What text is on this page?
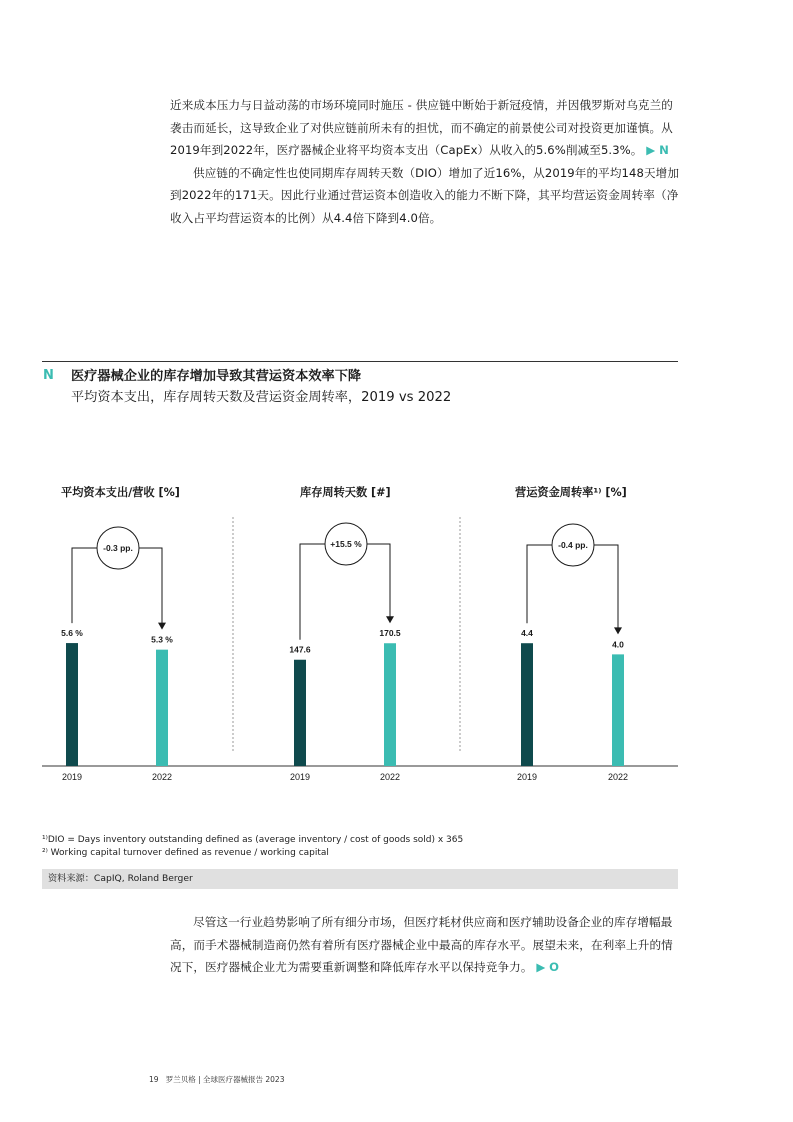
近来成本压力与日益动荡的市场环境同时施压 - 供应链中断始于新冠疫情，并因俄罗斯对乌克兰的袭击而延长，这导致企业了对供应链前所未有的担忧，而不确定的前景使公司对投资更加谨慎。从2019年到2022年，医疗器械企业将平均资本支出（CapEx）从收入的5.6%削减至5.3%。 ▶ N

供应链的不确定性也使同期库存周转天数（DIO）增加了近16%，从2019年的平均148天增加到2022年的171天。因此行业通过营运资本创造收入的能力不断下降，其平均营运资金周转率（净收入占平均营运资本的比例）从4.4倍下降到4.0倍。

N 医疗器械企业的库存增加导致其营运资本效率下降
平均资本支出，库存周转天数及营运资金周转率，2019 vs 2022
平均资本支出/营收 [%]	库存周转天数 [#]	营运资金周转率¹⁾ [%]
5.6 %
2019
5.3 %
2022
-0.3 pp.
147.6
2019
170.5
2022
+15.5 %
4.4
2019
4.0
2022
-0.4 pp.
¹⁾DIO = Days inventory outstanding defined as (average inventory / cost of goods sold) x 365
²⁾ Working capital turnover defined as revenue / working capital
资料来源：CapIQ, Roland Berger

尽管这一行业趋势影响了所有细分市场，但医疗耗材供应商和医疗辅助设备企业的库存增幅最高，而手术器械制造商仍然有着所有医疗器械企业中最高的库存水平。展望未来，在利率上升的情况下，医疗器械企业尤为需要重新调整和降低库存水平以保持竞争力。 ▶ O

19 罗兰贝格 | 全球医疗器械报告 2023
